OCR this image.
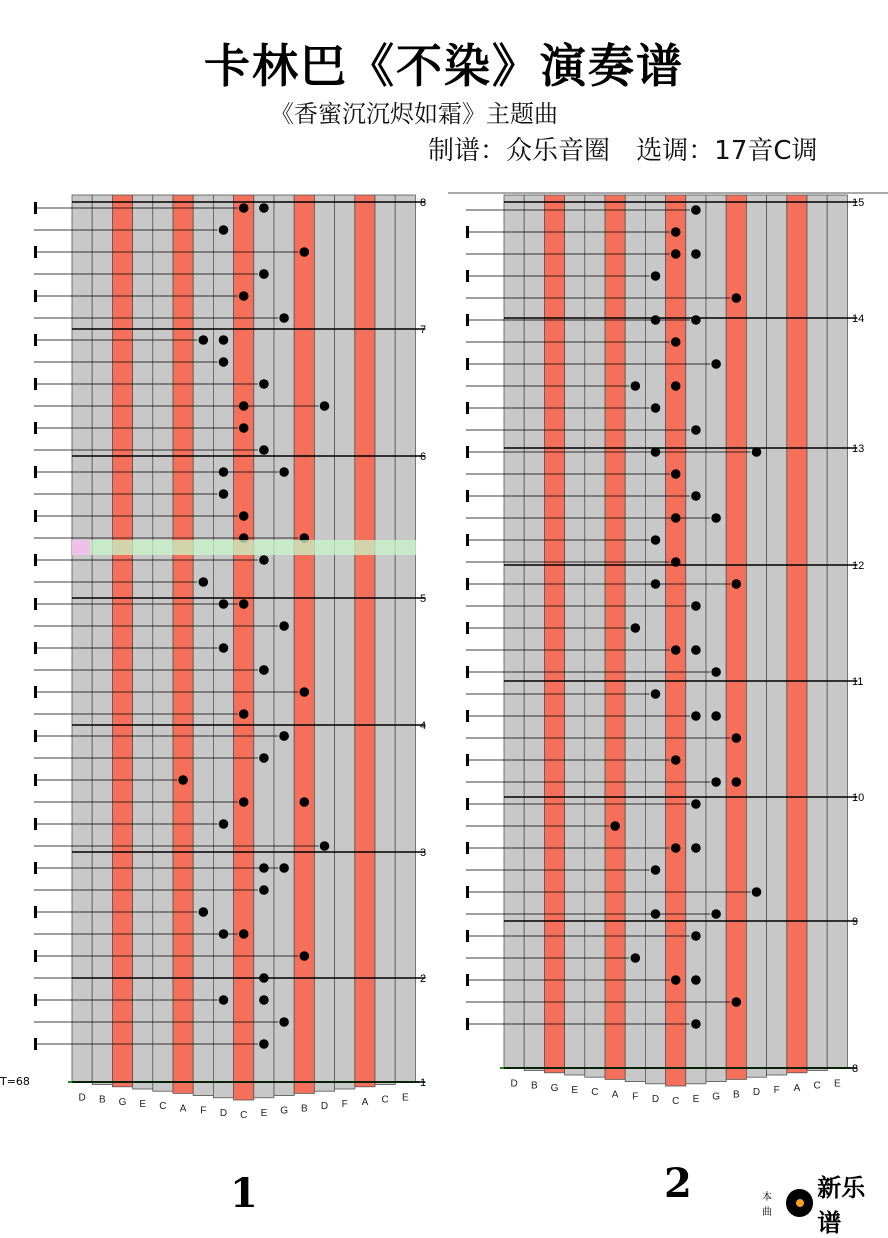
卡林巴《不染》演奏谱
《香蜜沉沉烬如霜》主题曲
制谱：众乐音圈 选调：17音C调
D B G E C A F D C E G B D F A C E
8
7
6
5
4
3
2
1	D B G E C A F D C E G B D F A C E
15
14
13
12
11
10
9
8
T=68
1	2	本曲
新乐谱
